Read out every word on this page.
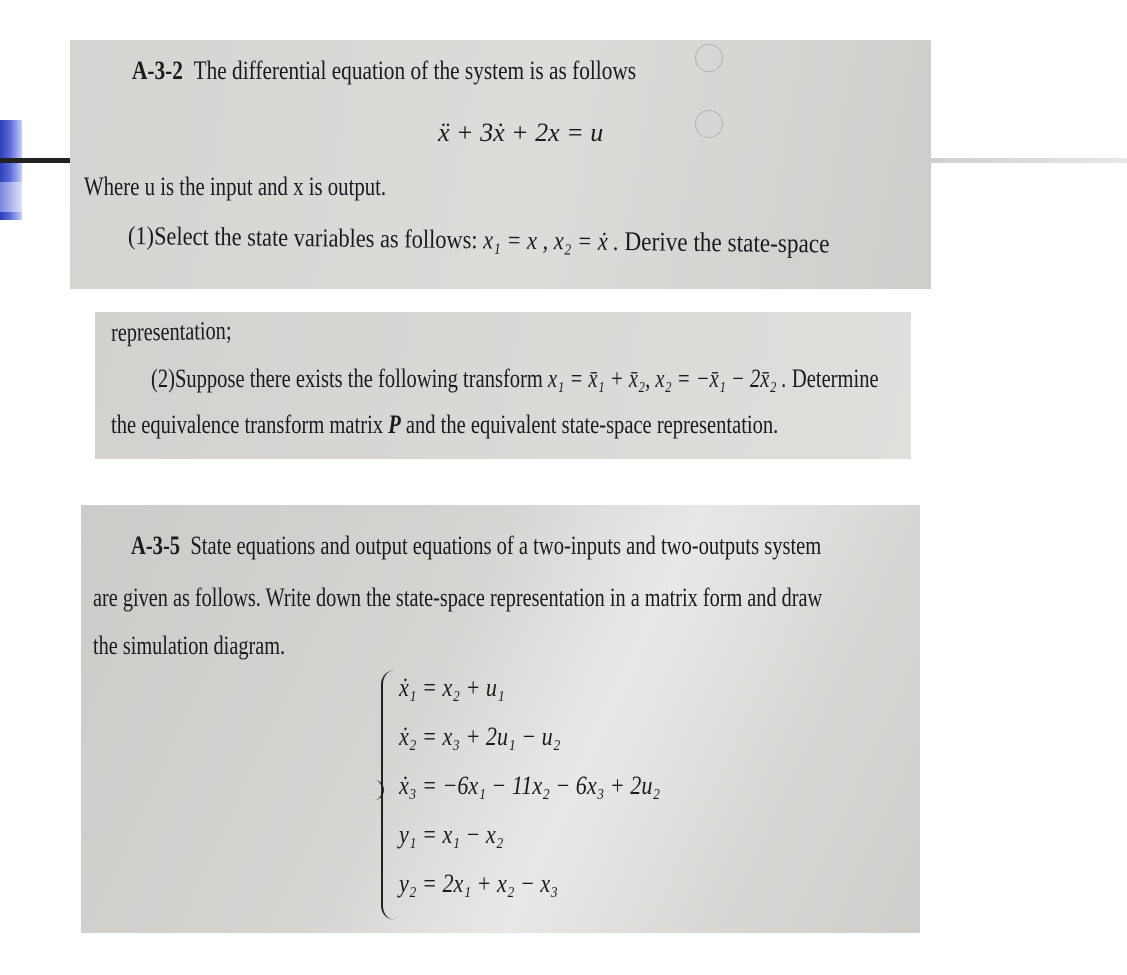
A-3-2 The differential equation of the system is as follows
ẍ + 3ẋ + 2x = u
Where u is the input and x is output.
(1)Select the state variables as follows: x₁ = x , x₂ = ẋ . Derive the state-space
representation;
(2)Suppose there exists the following transform x₁ = x̄₁ + x̄₂, x₂ = −x̄₁ − 2x̄₂ . Determine
the equivalence transform matrix P and the equivalent state-space representation.
A-3-5 State equations and output equations of a two-inputs and two-outputs system
are given as follows. Write down the state-space representation in a matrix form and draw
the simulation diagram.
ẋ₁ = x₂ + u₁
ẋ₂ = x₃ + 2u₁ − u₂
ẋ₃ = −6x₁ − 11x₂ − 6x₃ + 2u₂
y₁ = x₁ − x₂
y₂ = 2x₁ + x₂ − x₃
